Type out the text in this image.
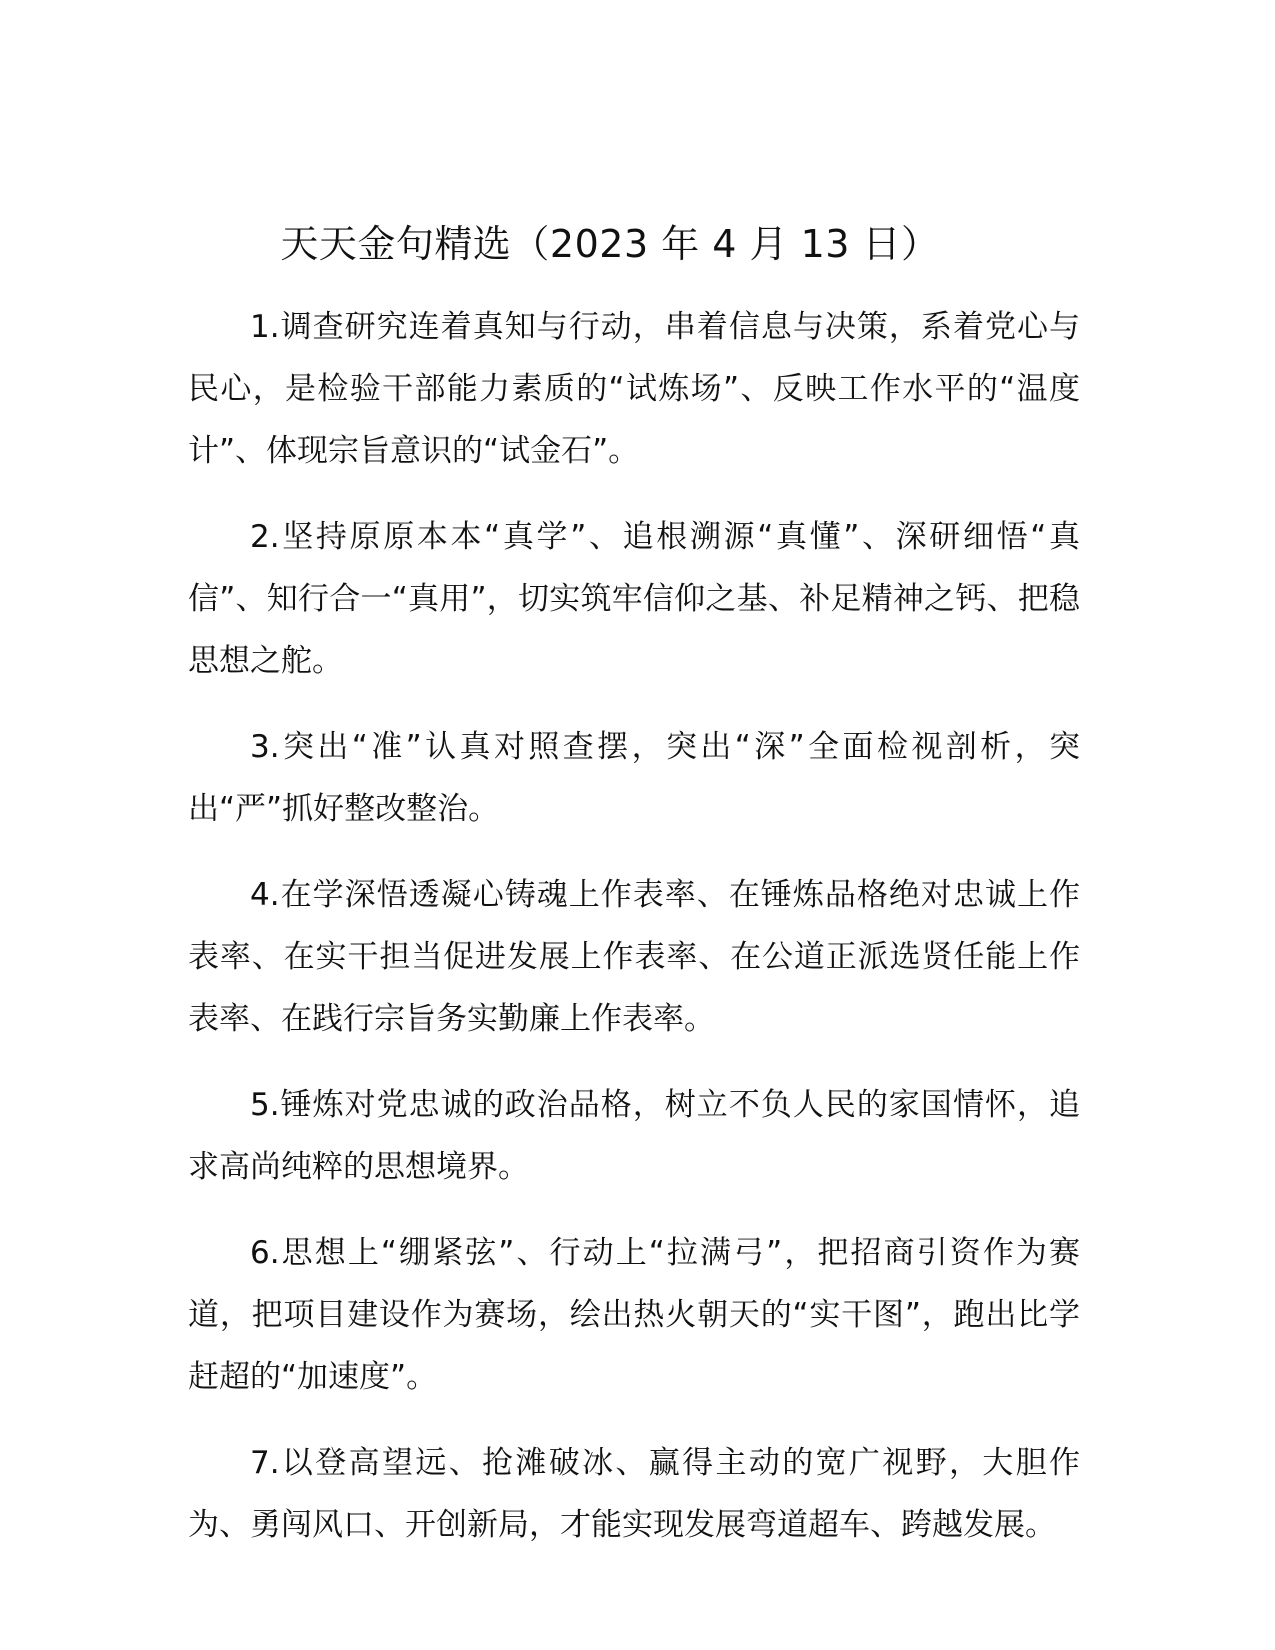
天天金句精选（2023 年 4 月 13 日）

1.调查研究连着真知与行动，串着信息与决策，系着党心与民心，是检验干部能力素质的“试炼场”、反映工作水平的“温度计”、体现宗旨意识的“试金石”。

2.坚持原原本本“真学”、追根溯源“真懂”、深研细悟“真信”、知行合一“真用”，切实筑牢信仰之基、补足精神之钙、把稳思想之舵。

3.突出“准”认真对照查摆，突出“深”全面检视剖析，突出“严”抓好整改整治。

4.在学深悟透凝心铸魂上作表率、在锤炼品格绝对忠诚上作表率、在实干担当促进发展上作表率、在公道正派选贤任能上作表率、在践行宗旨务实勤廉上作表率。

5.锤炼对党忠诚的政治品格，树立不负人民的家国情怀，追求高尚纯粹的思想境界。

6.思想上“绷紧弦”、行动上“拉满弓”，把招商引资作为赛道，把项目建设作为赛场，绘出热火朝天的“实干图”，跑出比学赶超的“加速度”。

7.以登高望远、抢滩破冰、赢得主动的宽广视野，大胆作为、勇闯风口、开创新局，才能实现发展弯道超车、跨越发展。
